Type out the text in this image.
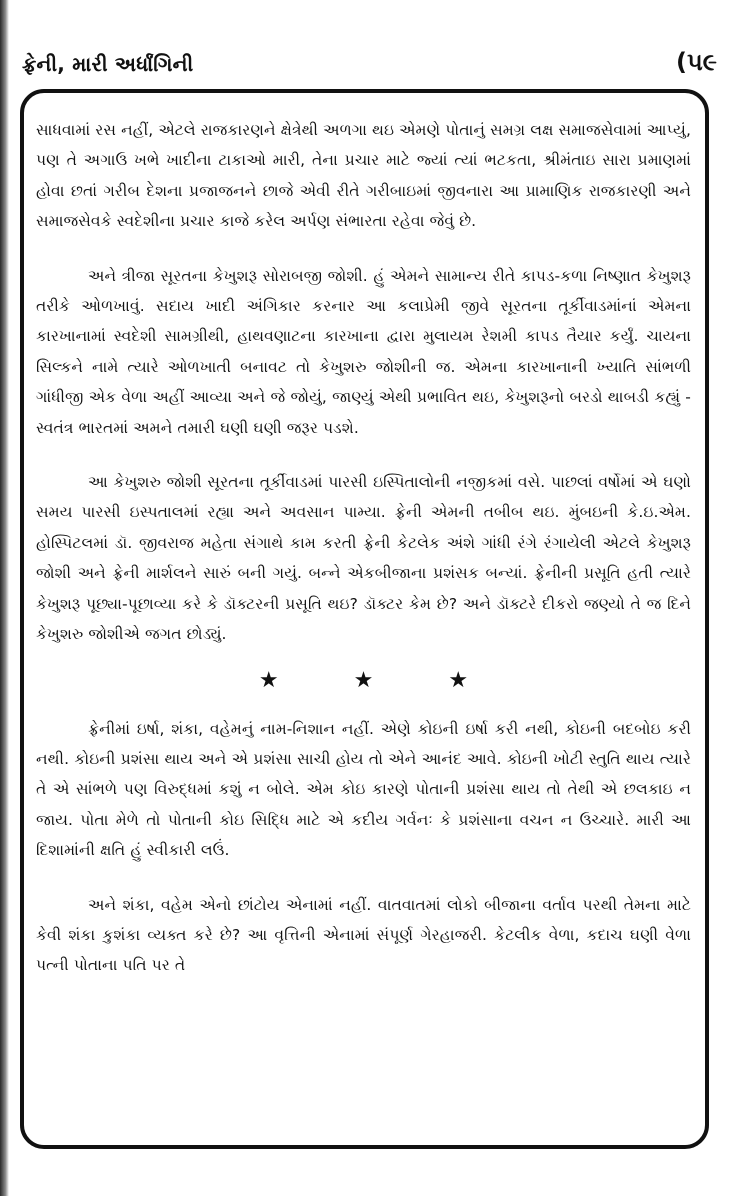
ફ્રેની, મારી અર્ધાંગિની	(૫૯

સાધવામાં રસ નહીં, એટલે રાજકારણને ક્ષેત્રેથી અળગા થઇ એમણે પોતાનું સમગ્ર લક્ષ સમાજસેવામાં આપ્યું, પણ તે અગાઉ ખભે ખાદીના ટાકાઓ મારી, તેના પ્રચાર માટે જ્યાં ત્યાં ભટકતા, શ્રીમંતાઇ સારા પ્રમાણમાં હોવા છતાં ગરીબ દેશના પ્રજાજનને છાજે એવી રીતે ગરીબાઇમાં જીવનારા આ પ્રામાણિક રાજકારણી અને સમાજસેવકે સ્વદેશીના પ્રચાર કાજે કરેલ અર્પણ સંભારતા રહેવા જેવું છે.

અને ત્રીજા સૂરતના કેખુશરૂ સોરાબજી જોશી. હું એમને સામાન્ય રીતે કાપડ-કળા નિષ્ણાત કેખુશરૂ તરીકે ઓળખાવું. સદાય ખાદી અંગિકાર કરનાર આ કલાપ્રેમી જીવે સૂરતના તૂર્કીવાડમાંનાં એમના કારખાનામાં સ્વદેશી સામગ્રીથી, હાથવણાટના કારખાના દ્વારા મુલાયમ રેશમી કાપડ તૈયાર કર્યું. ચાયના સિલ્કને નામે ત્યારે ઓળખાતી બનાવટ તો કેખુશરુ જોશીની જ. એમના કારખાનાની ખ્યાતિ સાંભળી ગાંધીજી એક વેળા અહીં આવ્યા અને જે જોયું, જાણ્યું એથી પ્રભાવિત થઇ, કેખુશરૂનો બરડો થાબડી કહ્યું - સ્વતંત્ર ભારતમાં અમને તમારી ઘણી ઘણી જરૂર પડશે.

આ કેખુશરુ જોશી સૂરતના તૂર્કીવાડમાં પારસી ઇસ્પિતાલોની નજીકમાં વસે. પાછલાં વર્ષોમાં એ ઘણો સમય પારસી ઇસ્પતાલમાં રહ્યા અને અવસાન પામ્યા. ફ્રેની એમની તબીબ થઇ. મુંબઇની કે.ઇ.એમ. હોસ્પિટલમાં ડૉ. જીવરાજ મહેતા સંગાથે કામ કરતી ફ્રેની કેટલેક અંશે ગાંધી રંગે રંગાયેલી એટલે કેખુશરૂ જોશી અને ફ્રેની માર્શલને સારું બની ગયું. બન્ને એકબીજાના પ્રશંસક બન્યાં. ફ્રેનીની પ્રસૂતિ હતી ત્યારે કેખુશરૂ પૂછ્યા-પૂછાવ્યા કરે કે ડૉક્ટરની પ્રસૂતિ થઇ? ડૉક્ટર કેમ છે? અને ડૉક્ટરે દીકરો જણ્યો તે જ દિને કેખુશરુ જોશીએ જગત છોડ્યું.

★ ★ ★

ફ્રેનીમાં ઇર્ષા, શંકા, વહેમનું નામ-નિશાન નહીં. એણે કોઇની ઇર્ષા કરી નથી, કોઇની બદબોઇ કરી નથી. કોઇની પ્રશંસા થાય અને એ પ્રશંસા સાચી હોય તો એને આનંદ આવે. કોઇની ખોટી સ્તુતિ થાય ત્યારે તે એ સાંભળે પણ વિરુદ્ધમાં કશું ન બોલે. એમ કોઇ કારણે પોતાની પ્રશંસા થાય તો તેથી એ છલકાઇ ન જાય. પોતા મેળે તો પોતાની કોઇ સિદ્ધિ માટે એ કદીય ગર્વનઃ કે પ્રશંસાના વચન ન ઉચ્ચારે. મારી આ દિશામાંની ક્ષતિ હું સ્વીકારી લઉં.

અને શંકા, વહેમ એનો છાંટોય એનામાં નહીં. વાતવાતમાં લોકો બીજાના વર્તાવ પરથી તેમના માટે કેવી શંકા કુશંકા વ્યક્ત કરે છે? આ વૃત્તિની એનામાં સંપૂર્ણ ગેરહાજરી. કેટલીક વેળા, કદાચ ઘણી વેળા પત્ની પોતાના પતિ પર તે
